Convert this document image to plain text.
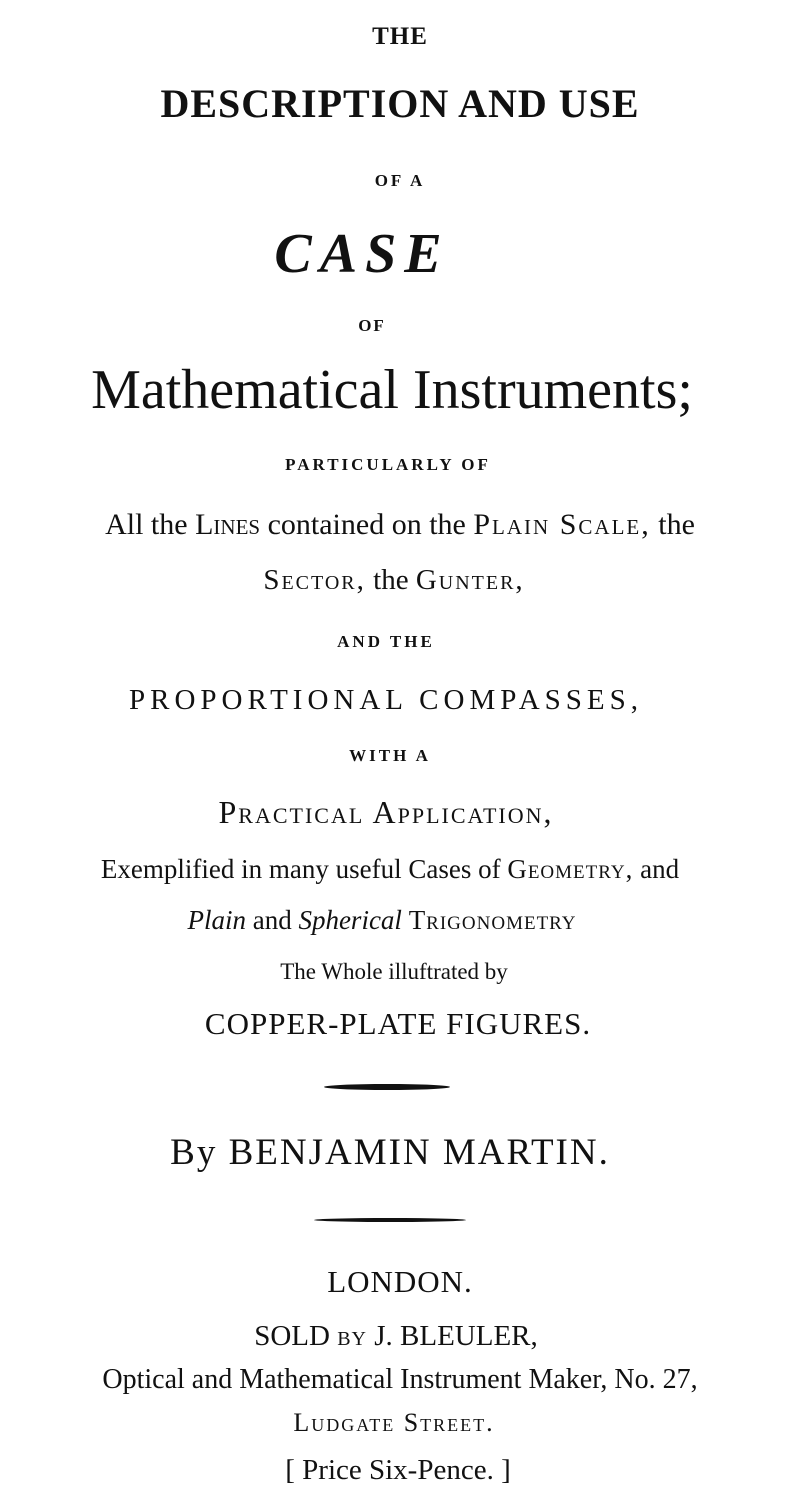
THE
DESCRIPTION AND USE
OF A
CASE
OF
Mathematical Instruments;
PARTICULARLY OF
All the Lines contained on the Plain Scale, the
Sector, the Gunter,
AND THE
PROPORTIONAL COMPASSES,
WITH A
Practical Application,
Exemplified in many useful Cases of Geometry, and
Plain and Spherical Trigonometry
The Whole illuftrated by
COPPER-PLATE FIGURES.
By BENJAMIN MARTIN.
LONDON.
SOLD by J. BLEULER,
Optical and Mathematical Instrument Maker, No. 27,
Ludgate Street.
[ Price Six-Pence. ]
